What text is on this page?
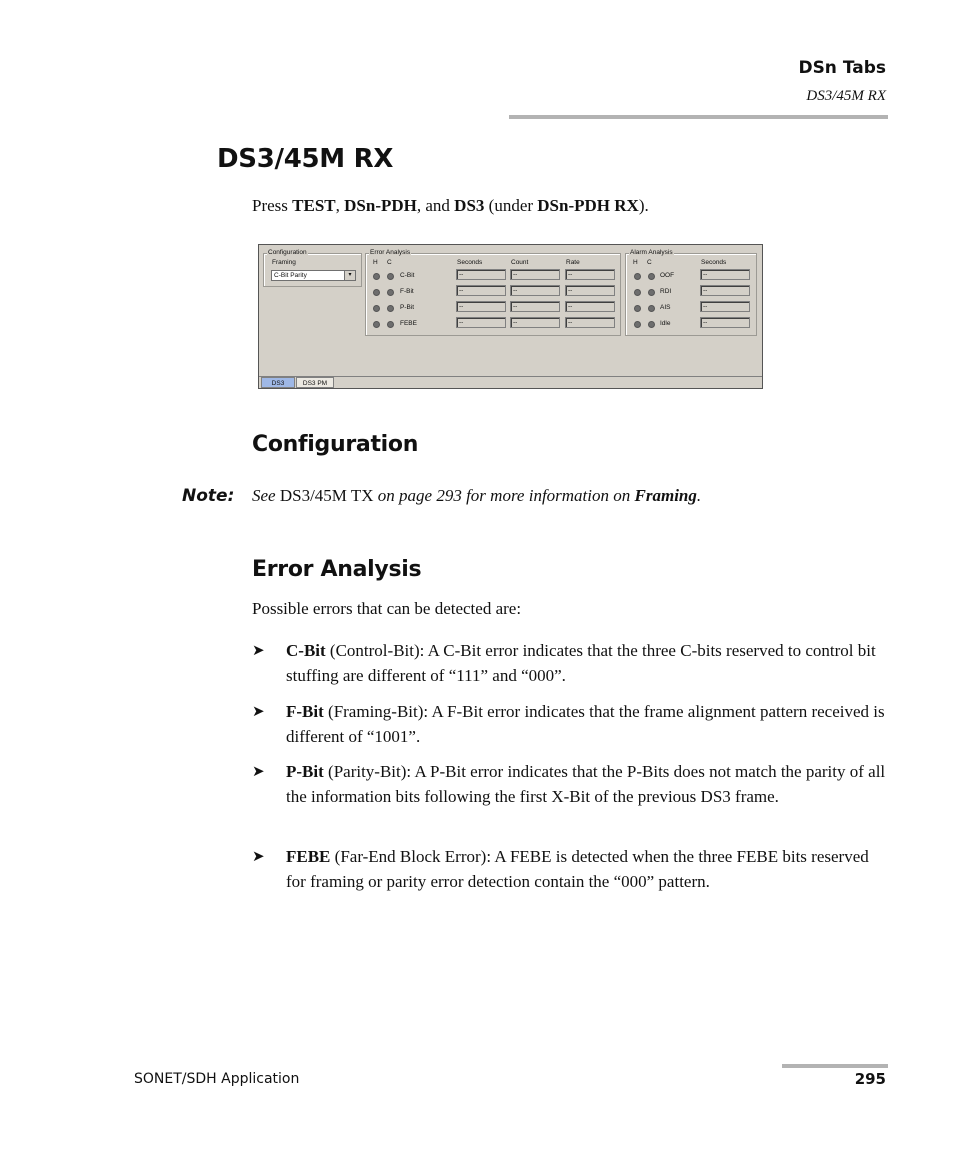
DSn Tabs
DS3/45M RX
DS3/45M RX
Press TEST, DSn-PDH, and DS3 (under DSn-PDH RX).
Configuration
Framing
C-Bit Parity	▾
Error Analysis
H C	Seconds	Count	Rate
C-Bit	--	--	--
F-Bit	--	--	--
P-Bit	--	--	--
FEBE	--	--	--
Alarm Analysis
H C	Seconds
OOF	--
RDI	--
AIS	--
Idle	--
DS3	DS3 PM
Configuration
Note: See DS3/45M TX on page 293 for more information on Framing.
Error Analysis
Possible errors that can be detected are:
➤ C-Bit (Control-Bit): A C-Bit error indicates that the three C-bits reserved to control bit stuffing are different of “111” and “000”.
➤ F-Bit (Framing-Bit): A F-Bit error indicates that the frame alignment pattern received is different of “1001”.
➤ P-Bit (Parity-Bit): A P-Bit error indicates that the P-Bits does not match the parity of all the information bits following the first X-Bit of the previous DS3 frame.
➤ FEBE (Far-End Block Error): A FEBE is detected when the three FEBE bits reserved for framing or parity error detection contain the “000” pattern.
SONET/SDH Application	295
